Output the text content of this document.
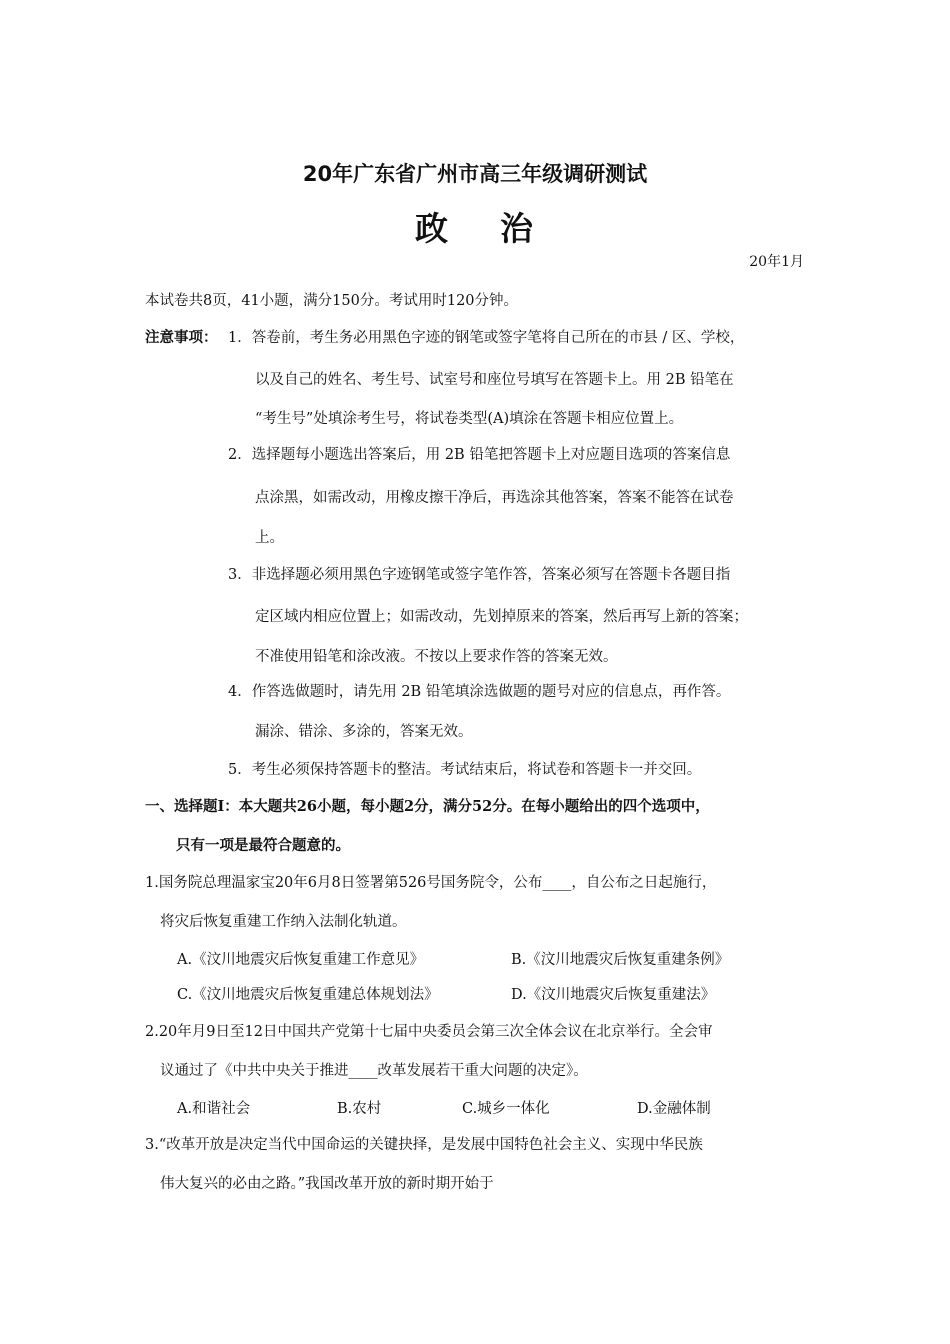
20年广东省广州市高三年级调研测试
政 治
20年1月
本试卷共8页，41小题，满分150分。考试用时120分钟。
注意事项： 1．答卷前，考生务必用黑色字迹的钢笔或签字笔将自己所在的市县 / 区、学校，
以及自己的姓名、考生号、试室号和座位号填写在答题卡上。用 2B 铅笔在
“考生号”处填涂考生号，将试卷类型(A)填涂在答题卡相应位置上。
2．选择题每小题选出答案后，用 2B 铅笔把答题卡上对应题目选项的答案信息
点涂黑，如需改动，用橡皮擦干净后，再选涂其他答案，答案不能答在试卷
上。
3．非选择题必须用黑色字迹钢笔或签字笔作答，答案必须写在答题卡各题目指
定区域内相应位置上；如需改动，先划掉原来的答案，然后再写上新的答案；
不准使用铅笔和涂改液。不按以上要求作答的答案无效。
4．作答选做题时，请先用 2B 铅笔填涂选做题的题号对应的信息点，再作答。
漏涂、错涂、多涂的，答案无效。
5．考生必须保持答题卡的整洁。考试结束后，将试卷和答题卡一并交回。
一、选择题Ⅰ：本大题共26小题，每小题2分，满分52分。在每小题给出的四个选项中，
只有一项是最符合题意的。
1.国务院总理温家宝20年6月8日签署第526号国务院令，公布____，自公布之日起施行，
将灾后恢复重建工作纳入法制化轨道。
A.《汶川地震灾后恢复重建工作意见》	B.《汶川地震灾后恢复重建条例》
C.《汶川地震灾后恢复重建总体规划法》	D.《汶川地震灾后恢复重建法》
2.20年月9日至12日中国共产党第十七届中央委员会第三次全体会议在北京举行。全会审
议通过了《中共中央关于推进____改革发展若干重大问题的决定》。
A.和谐社会	B.农村	C.城乡一体化	D.金融体制
3.“改革开放是决定当代中国命运的关键抉择，是发展中国特色社会主义、实现中华民族
伟大复兴的必由之路。”我国改革开放的新时期开始于
